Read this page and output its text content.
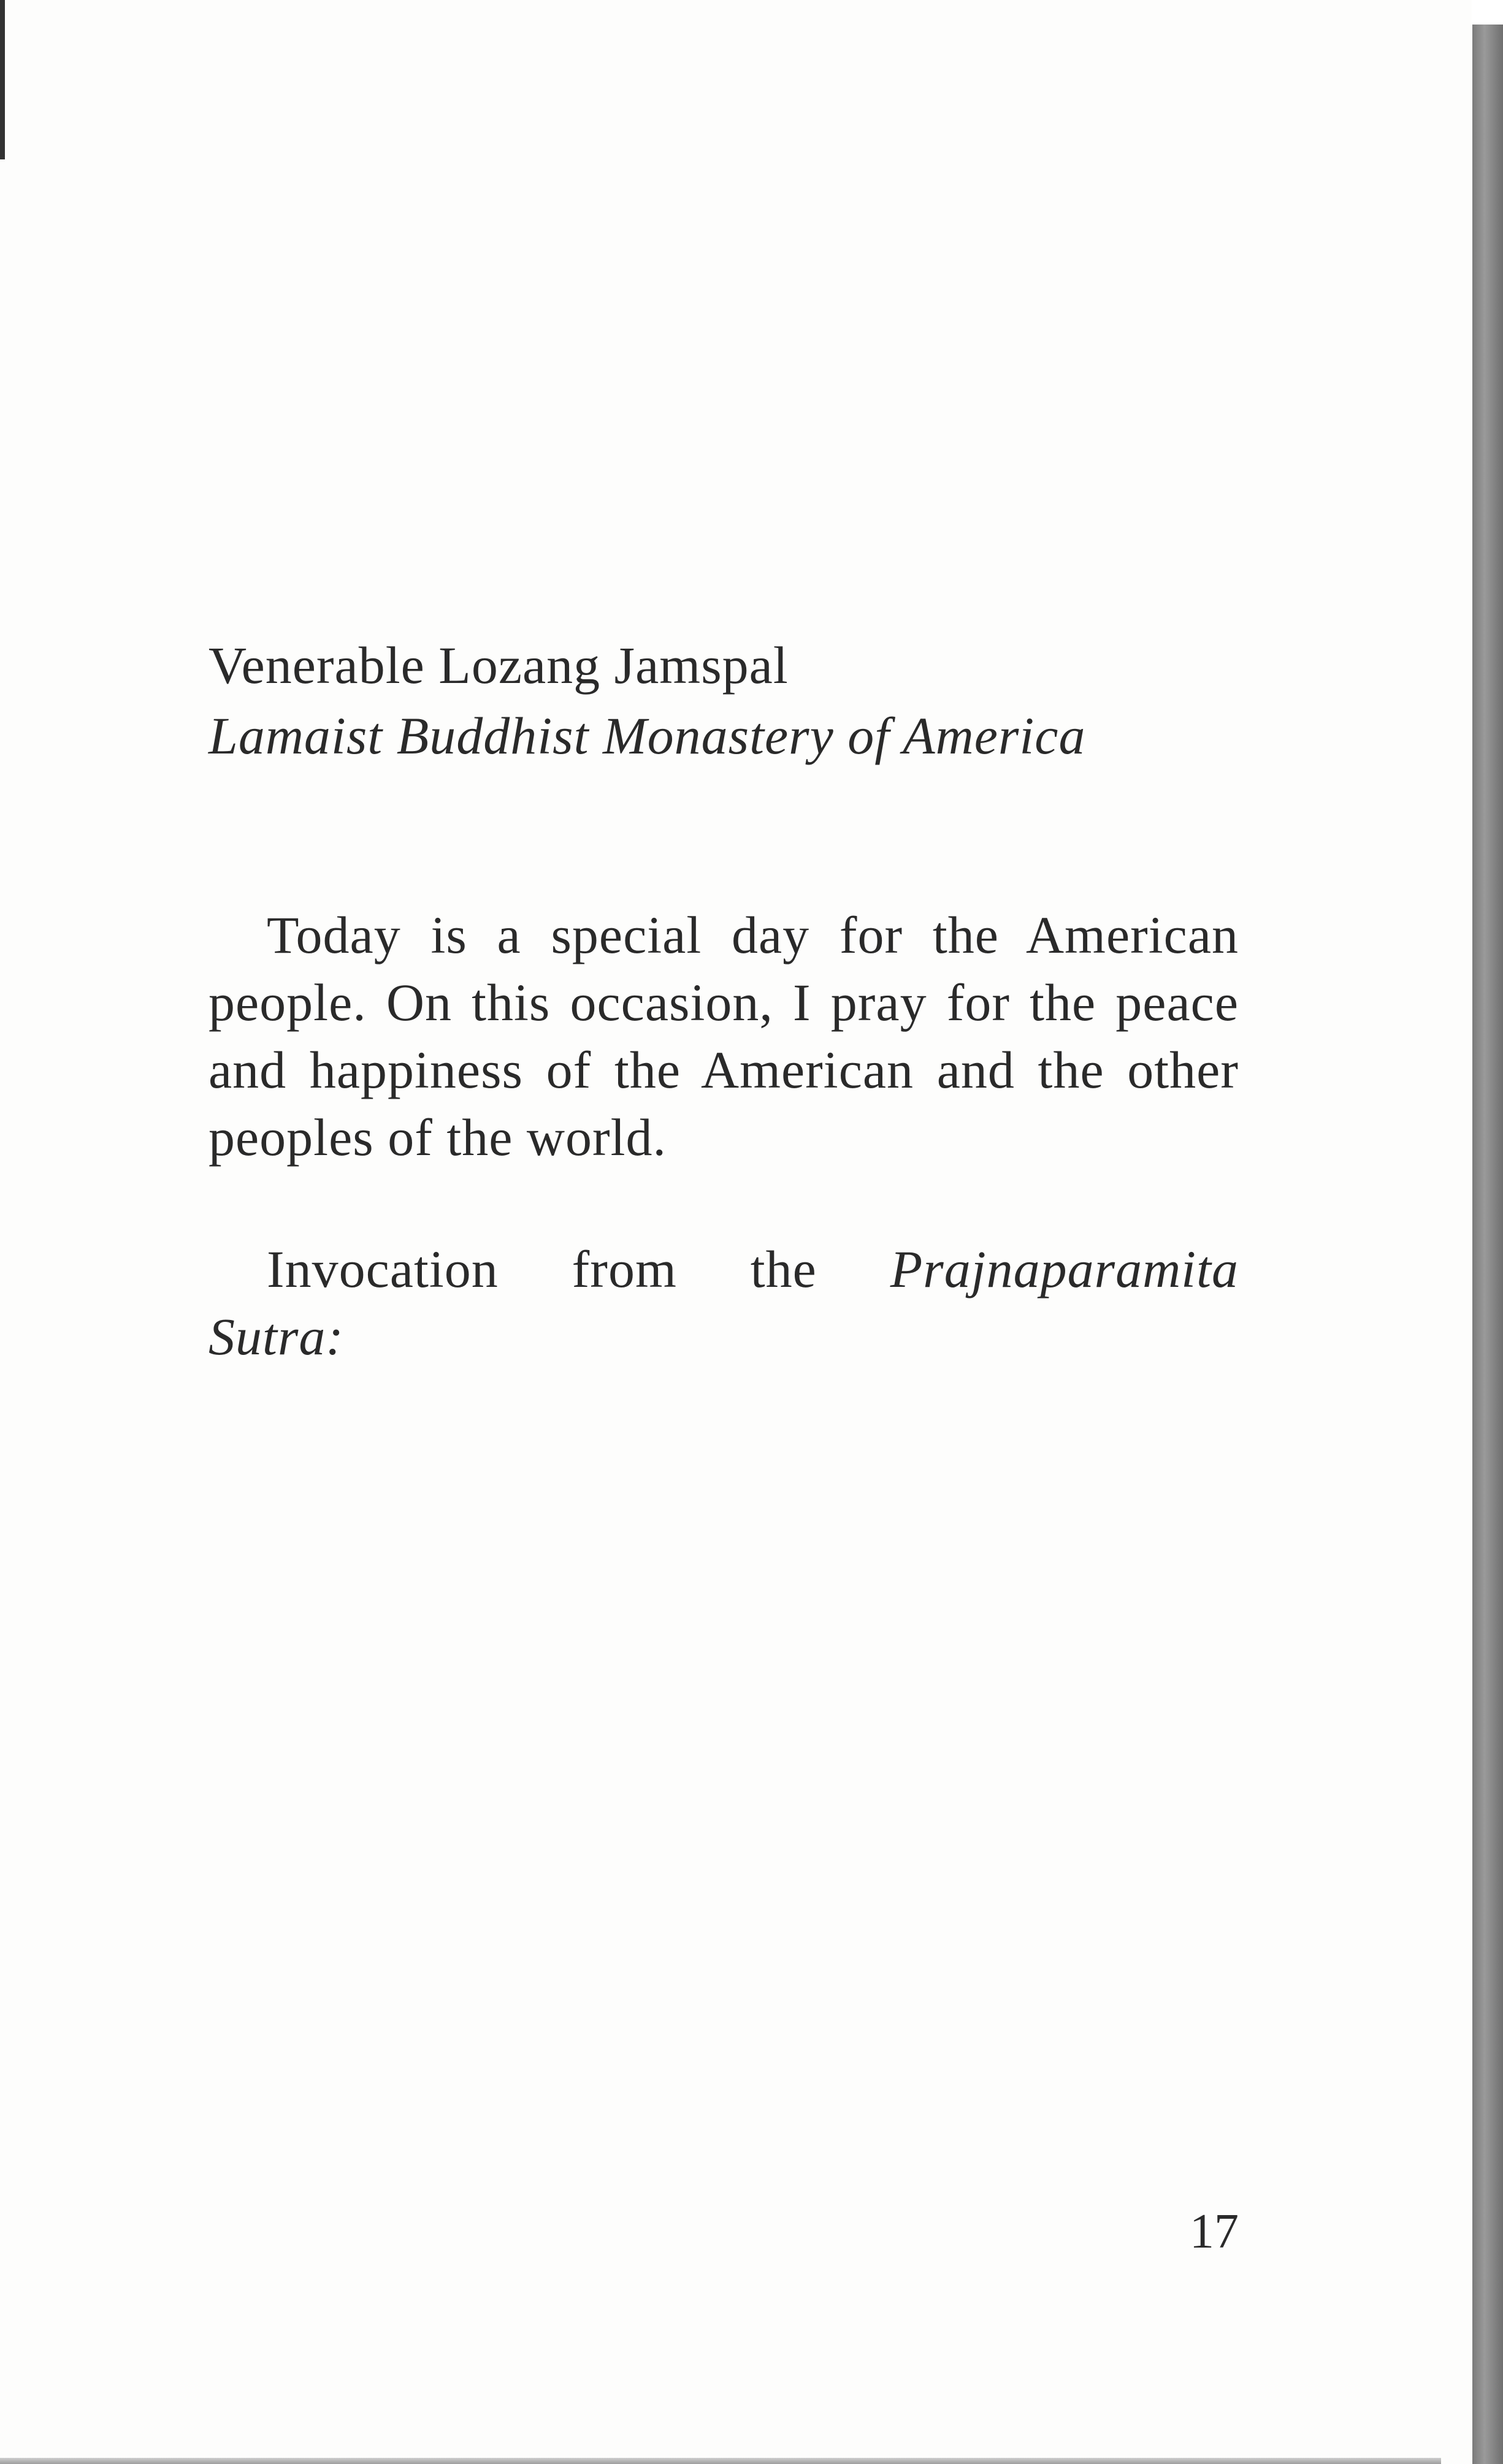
Venerable Lozang Jamspal
Lamaist Buddhist Monastery of America
Today is a special day for the American people. On this occasion, I pray for the peace and happiness of the American and the other peoples of the world.
Invocation from the Prajnaparamita
Sutra:
17
